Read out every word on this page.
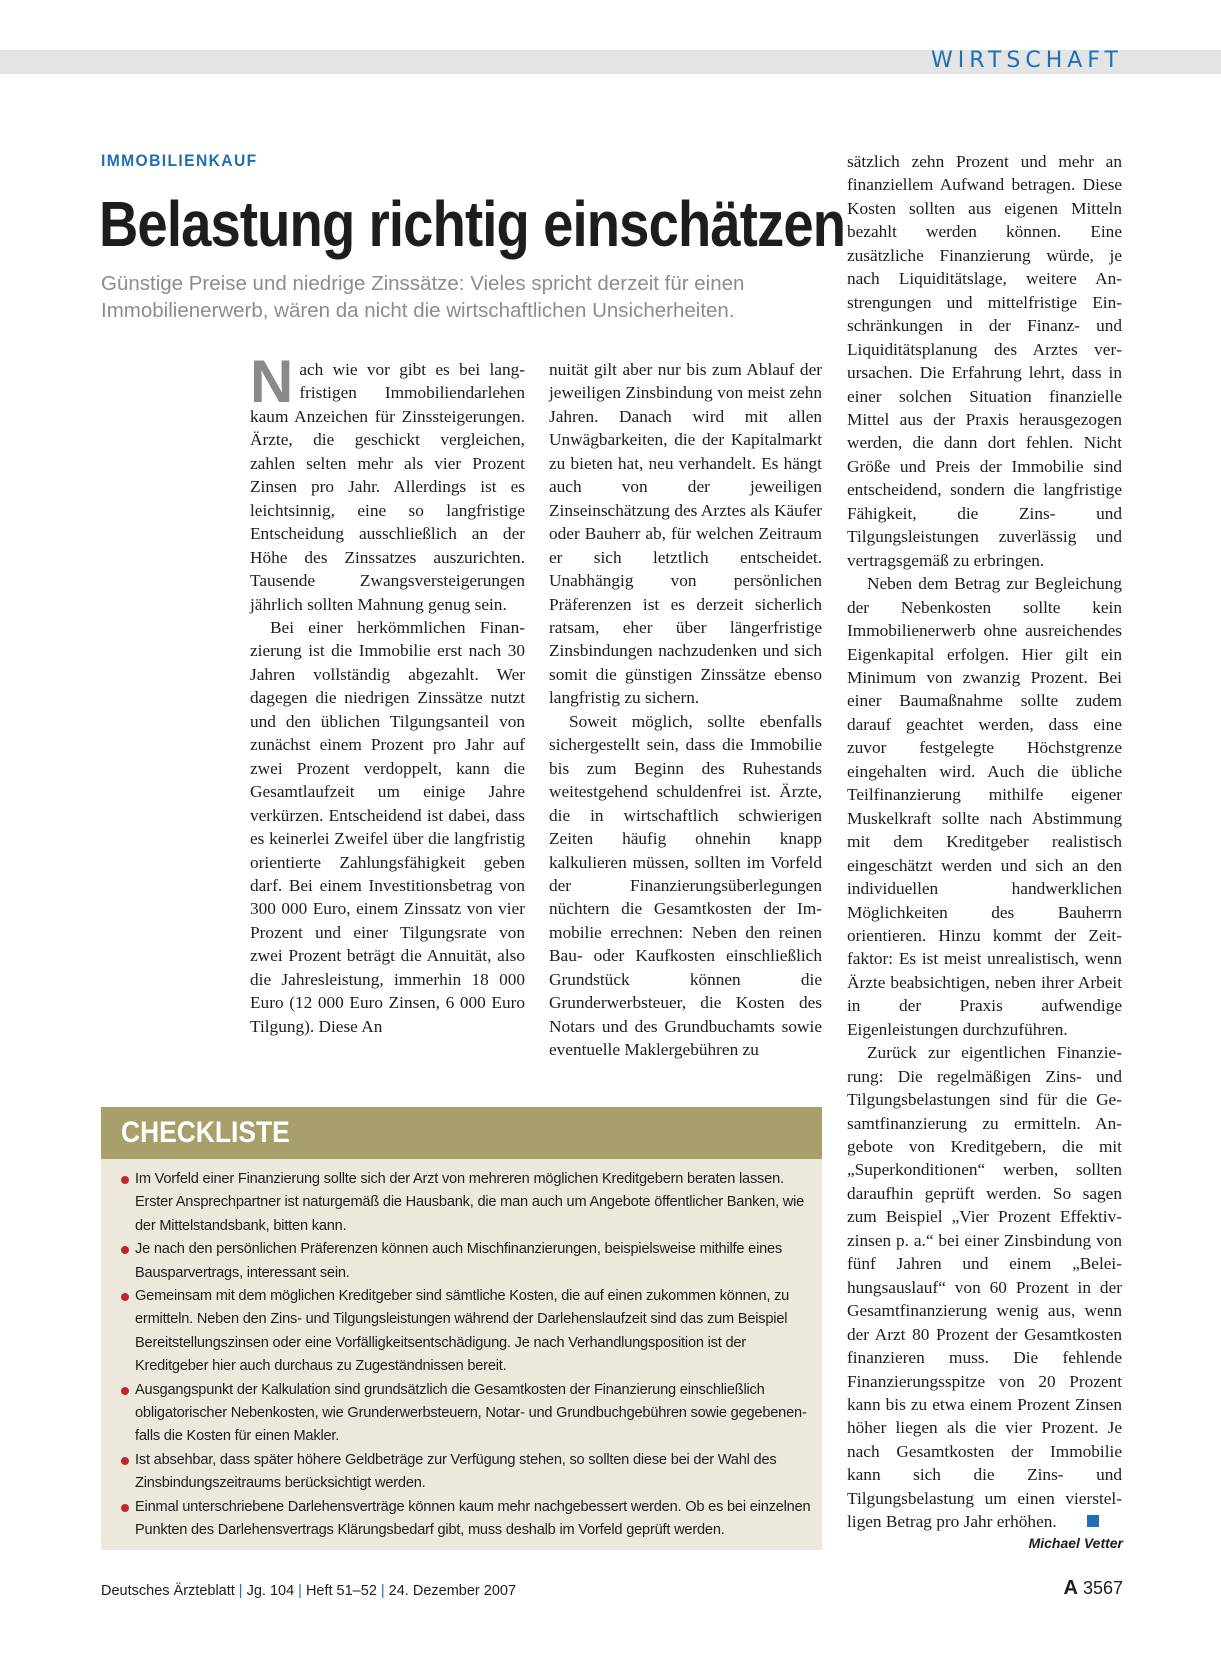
WIRTSCHAFT
IMMOBILIENKAUF
Belastung richtig einschätzen
Günstige Preise und niedrige Zinssätze: Vieles spricht derzeit für einen Immobilienerwerb, wären da nicht die wirtschaftlichen Unsicherheiten.

Nach wie vor gibt es bei langfristigen Immobiliendarlehen kaum Anzeichen für Zinssteigerungen. Ärzte, die geschickt vergleichen, zahlen selten mehr als vier Prozent Zinsen pro Jahr. Allerdings ist es leichtsinnig, eine so langfristige Entscheidung ausschließlich an der Höhe des Zinssatzes auszurichten. Tausende Zwangsversteigerungen jährlich sollten Mahnung genug sein.

Bei einer herkömmlichen Finanzierung ist die Immobilie erst nach 30 Jahren vollständig abgezahlt. Wer dagegen die niedrigen Zinssätze nutzt und den üblichen Tilgungsanteil von zunächst einem Prozent pro Jahr auf zwei Prozent verdoppelt, kann die Gesamtlaufzeit um einige Jahre verkürzen. Entscheidend ist dabei, dass es keinerlei Zweifel über die langfristig orientierte Zahlungsfähigkeit geben darf. Bei einem Investitionsbetrag von 300 000 Euro, einem Zinssatz von vier Prozent und einer Tilgungsrate von zwei Prozent beträgt die Annuität, also die Jahresleistung, immerhin 18 000 Euro (12 000 Euro Zinsen, 6 000 Euro Tilgung). Diese An

nuität gilt aber nur bis zum Ablauf der jeweiligen Zinsbindung von meist zehn Jahren. Danach wird mit allen Unwägbarkeiten, die der Kapitalmarkt zu bieten hat, neu verhandelt. Es hängt auch von der jeweiligen Zinseinschätzung des Arztes als Käufer oder Bauherr ab, für welchen Zeitraum er sich letztlich entscheidet. Unabhängig von persönlichen Präferenzen ist es derzeit sicherlich ratsam, eher über längerfristige Zinsbindungen nachzudenken und sich somit die günstigen Zinssätze ebenso langfristig zu sichern.

Soweit möglich, sollte ebenfalls sichergestellt sein, dass die Immobilie bis zum Beginn des Ruhestands weitestgehend schuldenfrei ist. Ärzte, die in wirtschaftlich schwierigen Zeiten häufig ohnehin knapp kalkulieren müssen, sollten im Vorfeld der Finanzierungsüberlegungen nüchtern die Gesamtkosten der Immobilie errechnen: Neben den reinen Bau- oder Kaufkosten einschließlich Grundstück können die Grunderwerbsteuer, die Kosten des Notars und des Grundbuchamts sowie eventuelle Maklergebühren zu

sätzlich zehn Prozent und mehr an finanziellem Aufwand betragen. Diese Kosten sollten aus eigenen Mitteln bezahlt werden können. Eine zusätzliche Finanzierung würde, je nach Liquiditätslage, weitere Anstrengungen und mittelfristige Einschränkungen in der Finanz- und Liquiditätsplanung des Arztes verursachen. Die Erfahrung lehrt, dass in einer solchen Situation finanzielle Mittel aus der Praxis herausgezogen werden, die dann dort fehlen. Nicht Größe und Preis der Immobilie sind entscheidend, sondern die langfristige Fähigkeit, die Zins- und Tilgungsleistungen zuverlässig und vertragsgemäß zu erbringen.

Neben dem Betrag zur Begleichung der Nebenkosten sollte kein Immobilienerwerb ohne ausreichendes Eigenkapital erfolgen. Hier gilt ein Minimum von zwanzig Prozent. Bei einer Baumaßnahme sollte zudem darauf geachtet werden, dass eine zuvor festgelegte Höchstgrenze eingehalten wird. Auch die übliche Teilfinanzierung mithilfe eigener Muskelkraft sollte nach Abstimmung mit dem Kreditgeber realistisch eingeschätzt werden und sich an den individuellen handwerklichen Möglichkeiten des Bauherrn orientieren. Hinzu kommt der Zeitfaktor: Es ist meist unrealistisch, wenn Ärzte beabsichtigen, neben ihrer Arbeit in der Praxis aufwendige Eigenleistungen durchzuführen.

Zurück zur eigentlichen Finanzierung: Die regelmäßigen Zins- und Tilgungsbelastungen sind für die Gesamtfinanzierung zu ermitteln. Angebote von Kreditgebern, die mit „Superkonditionen“ werben, sollten daraufhin geprüft werden. So sagen zum Beispiel „Vier Prozent Effektivzinsen p. a.“ bei einer Zinsbindung von fünf Jahren und einem „Beleihungsauslauf“ von 60 Prozent in der Gesamtfinanzierung wenig aus, wenn der Arzt 80 Prozent der Gesamtkosten finanzieren muss. Die fehlende Finanzierungsspitze von 20 Prozent kann bis zu etwa einem Prozent Zinsen höher liegen als die vier Prozent. Je nach Gesamtkosten der Immobilie kann sich die Zins- und Tilgungsbelastung um einen vierstelligen Betrag pro Jahr erhöhen.

Michael Vetter
CHECKLISTE
Im Vorfeld einer Finanzierung sollte sich der Arzt von mehreren möglichen Kreditgebern beraten lassen. Erster Ansprechpartner ist naturgemäß die Hausbank, die man auch um Angebote öffentlicher Banken, wie der Mittelstandsbank, bitten kann.
Je nach den persönlichen Präferenzen können auch Mischfinanzierungen, beispielsweise mithilfe eines Bausparvertrags, interessant sein.
Gemeinsam mit dem möglichen Kreditgeber sind sämtliche Kosten, die auf einen zukommen können, zu ermitteln. Neben den Zins- und Tilgungsleistungen während der Darlehenslaufzeit sind das zum Beispiel Bereitstellungszinsen oder eine Vorfälligkeitsentschädigung. Je nach Verhandlungsposition ist der Kreditgeber hier auch durchaus zu Zugeständnissen bereit.
Ausgangspunkt der Kalkulation sind grundsätzlich die Gesamtkosten der Finanzierung einschließlich obligatorischer Nebenkosten, wie Grunderwerbsteuern, Notar- und Grundbuchgebühren sowie gegebenenfalls die Kosten für einen Makler.
Ist absehbar, dass später höhere Geldbeträge zur Verfügung stehen, so sollten diese bei der Wahl des Zinsbindungszeitraums berücksichtigt werden.
Einmal unterschriebene Darlehensverträge können kaum mehr nachgebessert werden. Ob es bei einzelnen Punkten des Darlehensvertrags Klärungsbedarf gibt, muss deshalb im Vorfeld geprüft werden.
Deutsches Ärzteblatt | Jg. 104 | Heft 51–52 | 24. Dezember 2007	A 3567
